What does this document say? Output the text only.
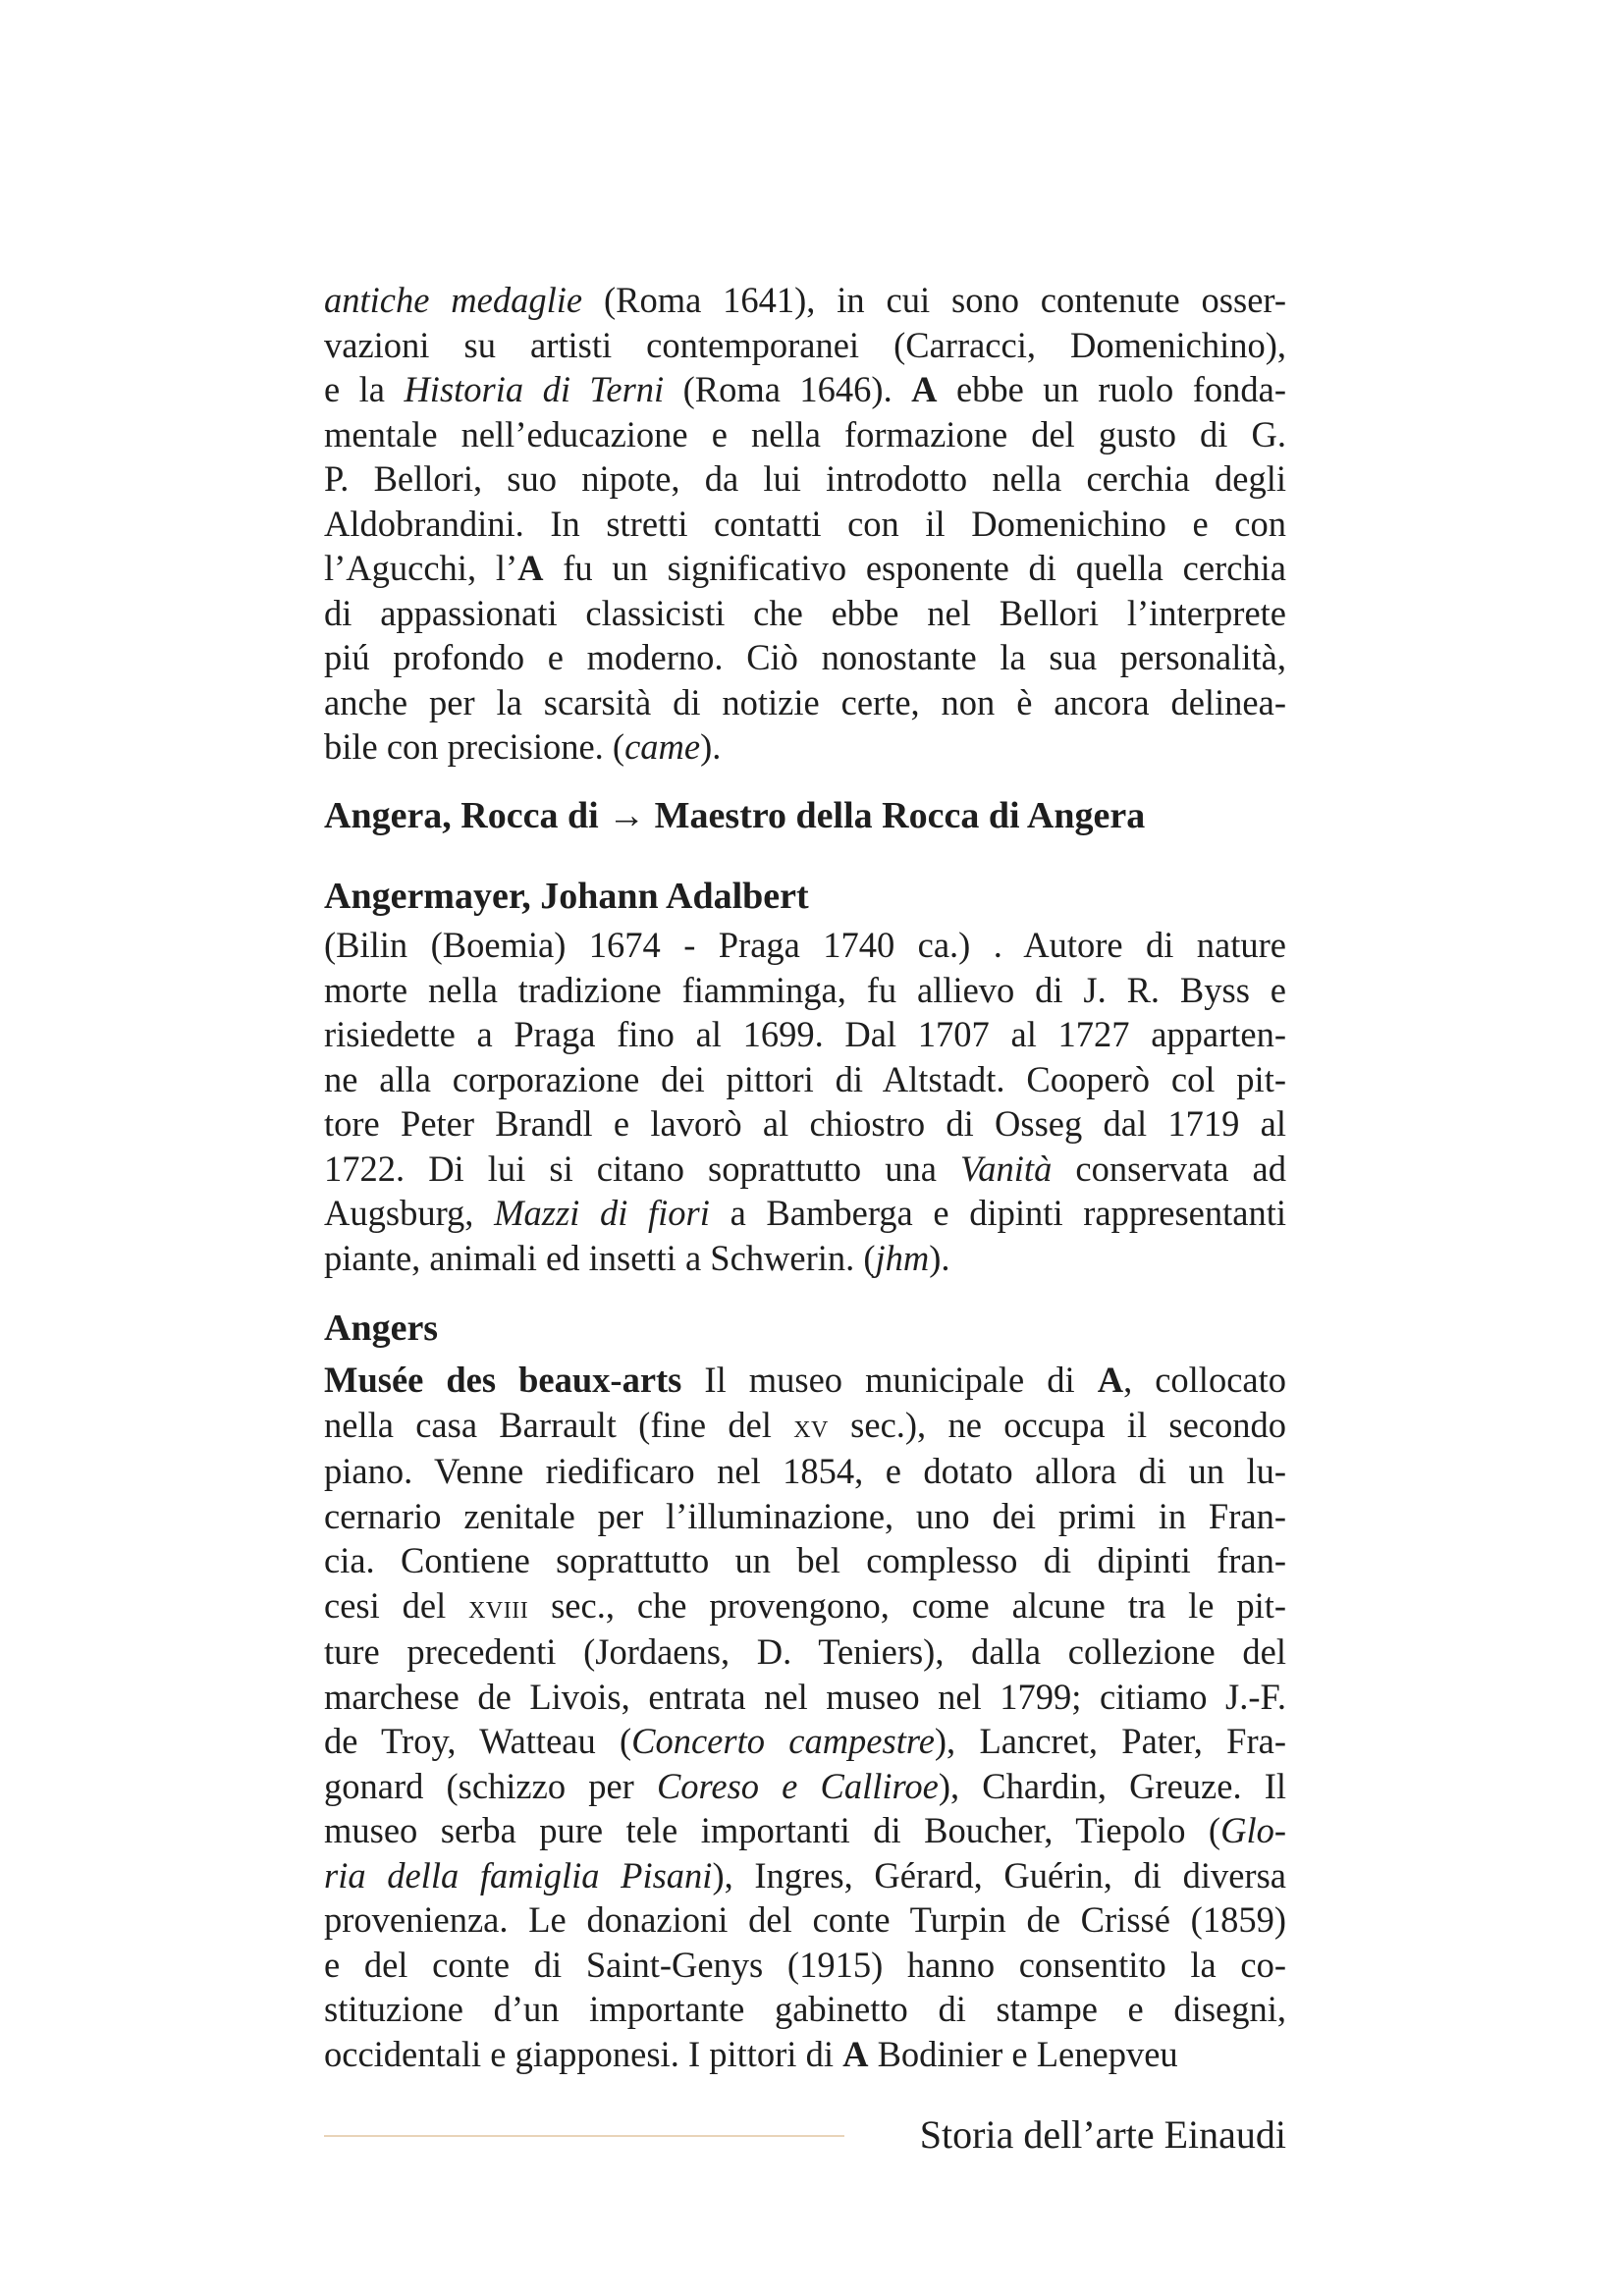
antiche medaglie (Roma 1641), in cui sono contenute osser-
vazioni su artisti contemporanei (Carracci, Domenichino),
e la Historia di Terni (Roma 1646). A ebbe un ruolo fonda-
mentale nell’educazione e nella formazione del gusto di G.
P. Bellori, suo nipote, da lui introdotto nella cerchia degli
Aldobrandini. In stretti contatti con il Domenichino e con
l’Agucchi, l’A fu un significativo esponente di quella cerchia
di appassionati classicisti che ebbe nel Bellori l’interprete
piú profondo e moderno. Ciò nonostante la sua personalità,
anche per la scarsità di notizie certe, non è ancora delinea-
bile con precisione. (came).
Angera, Rocca di → Maestro della Rocca di Angera
Angermayer, Johann Adalbert
(Bilin (Boemia) 1674 - Praga 1740 ca.) . Autore di nature
morte nella tradizione fiamminga, fu allievo di J. R. Byss e
risiedette a Praga fino al 1699. Dal 1707 al 1727 apparten-
ne alla corporazione dei pittori di Altstadt. Cooperò col pit-
tore Peter Brandl e lavorò al chiostro di Osseg dal 1719 al
1722. Di lui si citano soprattutto una Vanità conservata ad
Augsburg, Mazzi di fiori a Bamberga e dipinti rappresentanti
piante, animali ed insetti a Schwerin. (jhm).
Angers
Musée des beaux-arts Il museo municipale di A, collocato
nella casa Barrault (fine del xv sec.), ne occupa il secondo
piano. Venne riedificaro nel 1854, e dotato allora di un lu-
cernario zenitale per l’illuminazione, uno dei primi in Fran-
cia. Contiene soprattutto un bel complesso di dipinti fran-
cesi del xviii sec., che provengono, come alcune tra le pit-
ture precedenti (Jordaens, D. Teniers), dalla collezione del
marchese de Livois, entrata nel museo nel 1799; citiamo J.-F.
de Troy, Watteau (Concerto campestre), Lancret, Pater, Fra-
gonard (schizzo per Coreso e Calliroe), Chardin, Greuze. Il
museo serba pure tele importanti di Boucher, Tiepolo (Glo-
ria della famiglia Pisani), Ingres, Gérard, Guérin, di diversa
provenienza. Le donazioni del conte Turpin de Crissé (1859)
e del conte di Saint-Genys (1915) hanno consentito la co-
stituzione d’un importante gabinetto di stampe e disegni,
occidentali e giapponesi. I pittori di A Bodinier e Lenepveu
Storia dell’arte Einaudi
